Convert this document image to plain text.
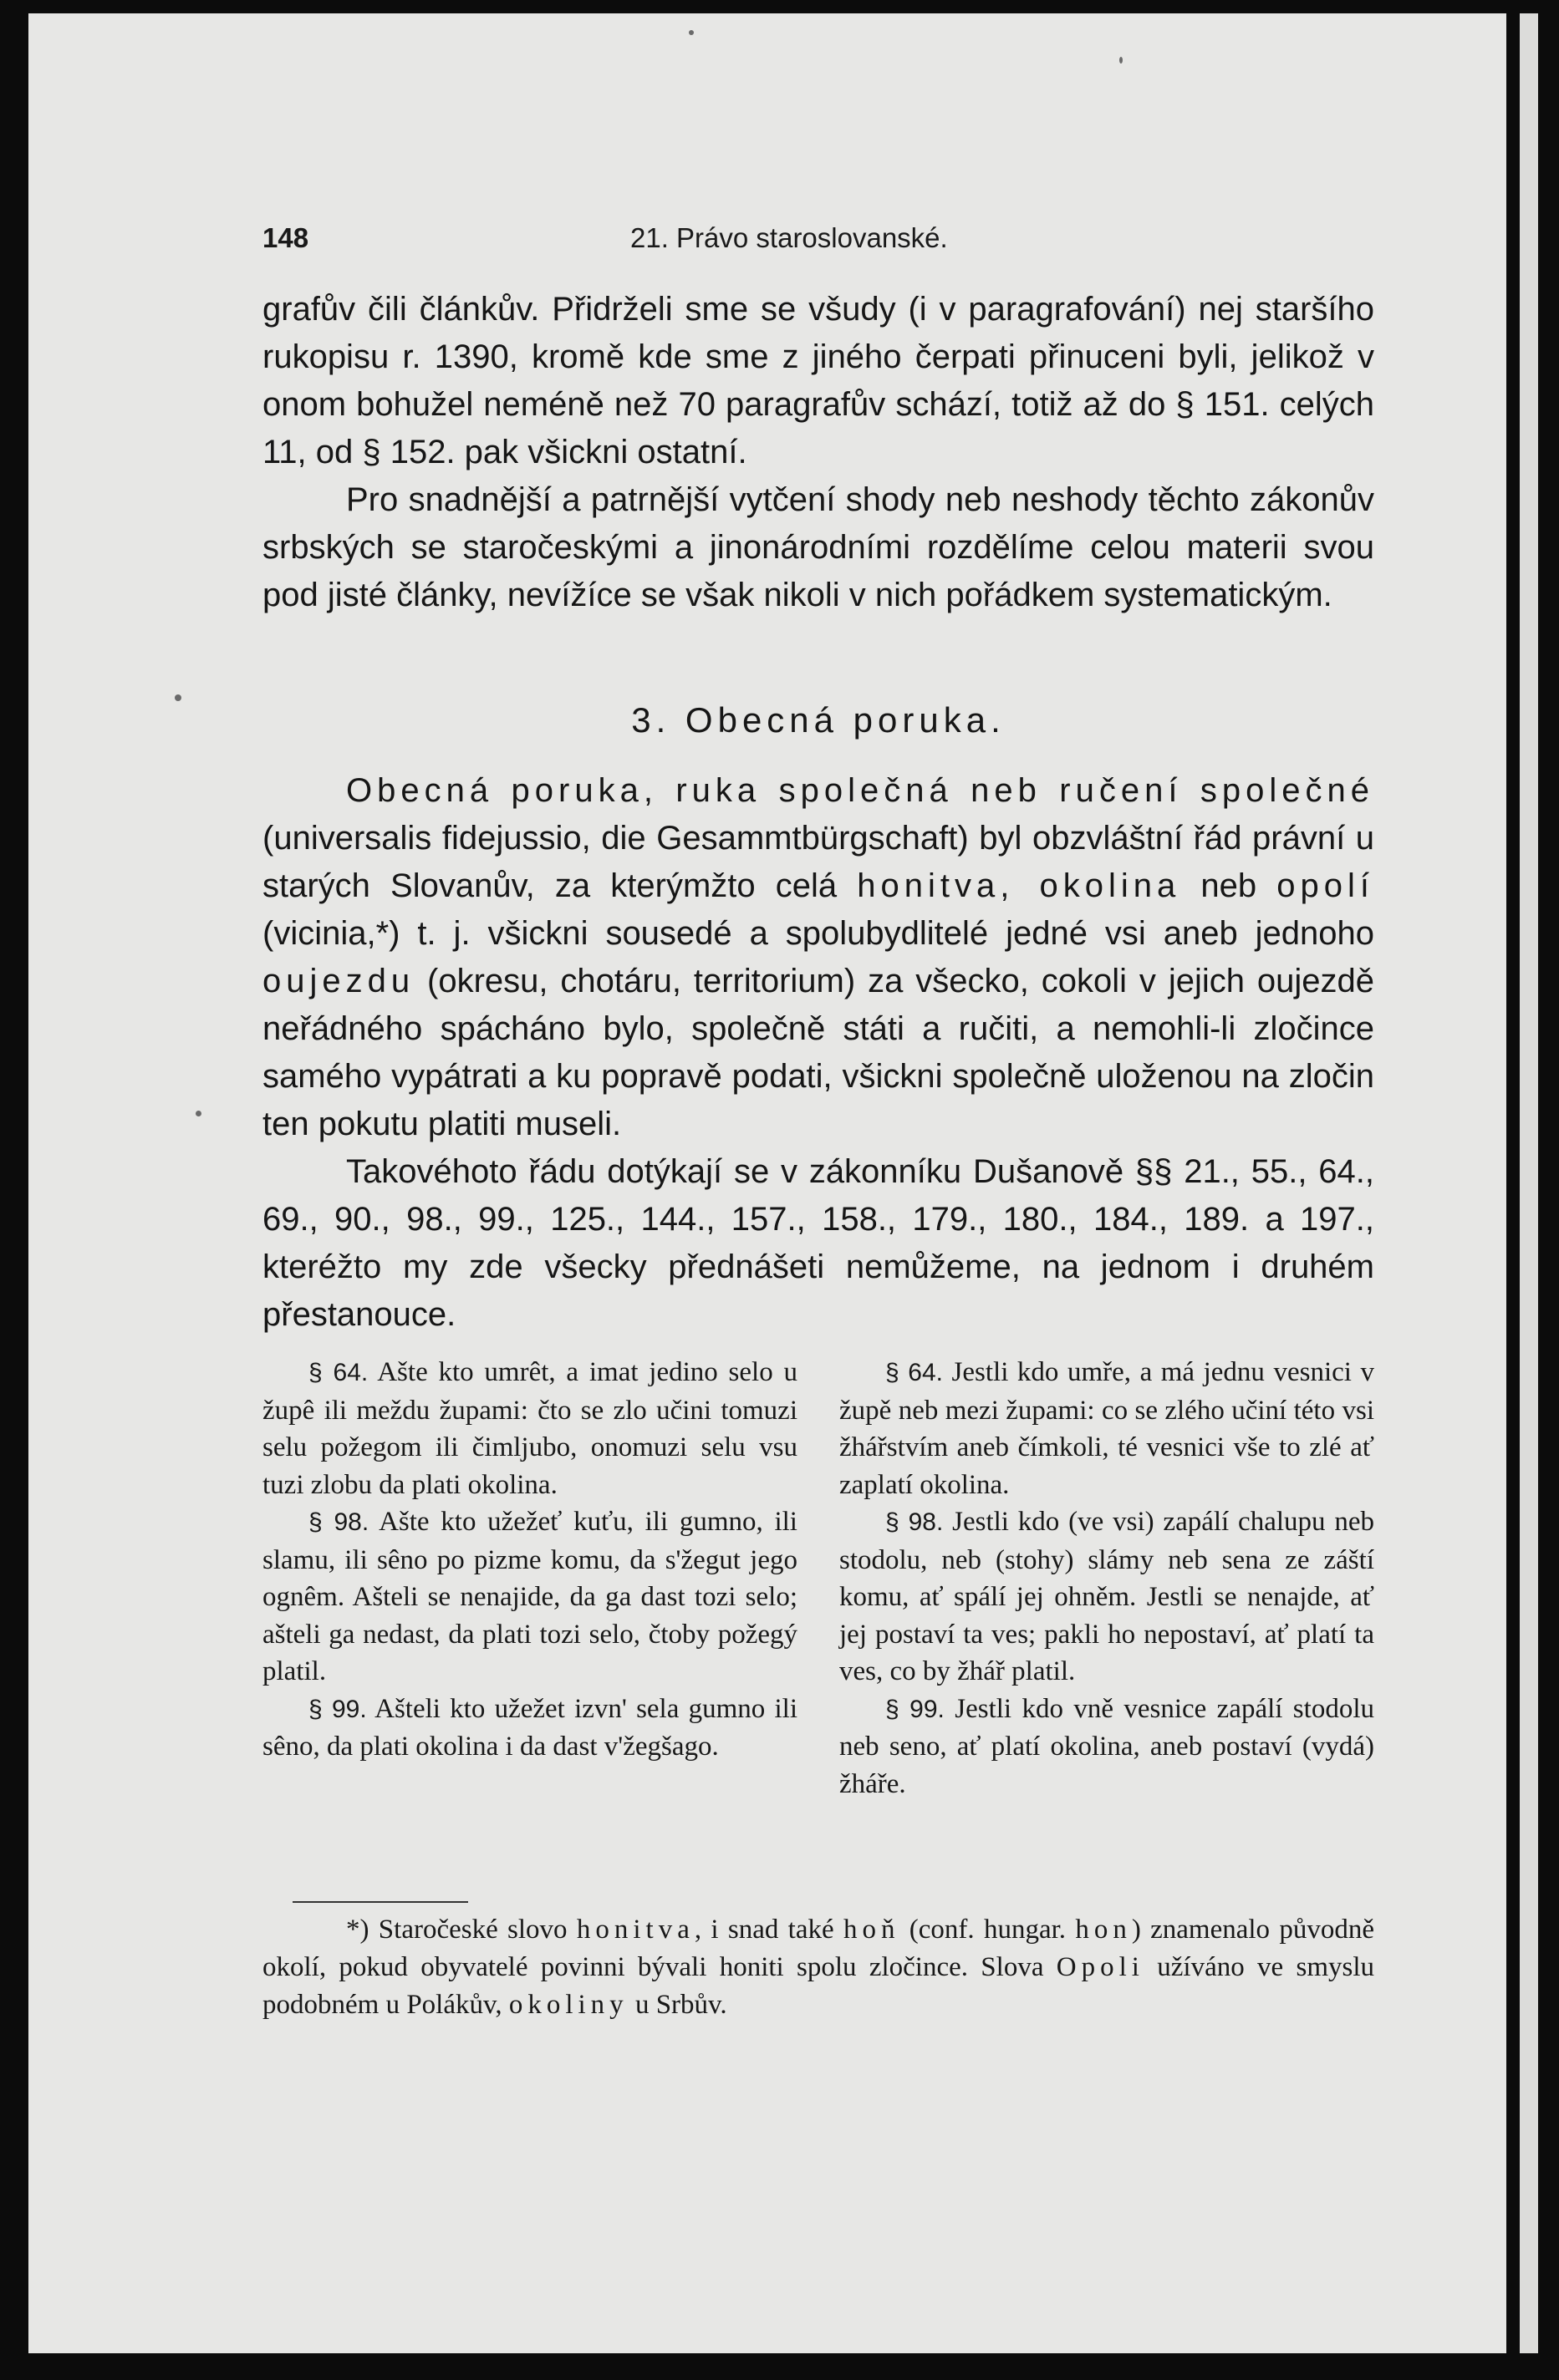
148	21. Právo staroslovanské.

grafův čili článkův. Přidrželi sme se všudy (i v paragrafování) nej staršího rukopisu r. 1390, kromě kde sme z jiného čerpati přinuceni byli, jelikož v onom bohužel neméně než 70 paragrafův schází, totiž až do § 151. celých 11, od § 152. pak všickni ostatní.

Pro snadnější a patrnější vytčení shody neb neshody těchto zákonův srbských se staročeskými a jinonárodními rozdělíme celou materii svou pod jisté články, nevížíce se však nikoli v nich pořádkem systematickým.

3. Obecná poruka.

Obecná poruka, ruka společná neb ručení společné (universalis fidejussio, die Gesammtbürgschaft) byl obzvláštní řád právní u starých Slovanův, za kterýmžto celá honitva, okolina neb opolí (vicinia,*) t. j. všickni sousedé a spolubydlitelé jedné vsi aneb jednoho oujezdu (okresu, chotáru, territorium) za všecko, cokoli v jejich oujezdě neřádného spácháno bylo, společně státi a ručiti, a nemohli-li zločince samého vypátrati a ku popravě podati, všickni společně uloženou na zločin ten pokutu platiti museli.

Takovéhoto řádu dotýkají se v zákonníku Dušanově §§ 21., 55., 64., 69., 90., 98., 99., 125., 144., 157., 158., 179., 180., 184., 189. a 197., kteréžto my zde všecky přednášeti nemůžeme, na jednom i druhém přestanouce.

§ 64. Ašte kto umrêt, a imat jedino selo u župê ili meždu župami: čto se zlo učini tomuzi selu požegom ili čimljubo, onomuzi selu vsu tuzi zlobu da plati okolina.

§ 98. Ašte kto užežeť kuťu, ili gumno, ili slamu, ili sêno po pizme komu, da s'žegut jego ognêm. Ašteli se nenajide, da ga dast tozi selo; ašteli ga nedast, da plati tozi selo, čtoby požegý platil.

§ 99. Ašteli kto užežet izvn' sela gumno ili sêno, da plati okolina i da dast v'žegšago.

§ 64. Jestli kdo umře, a má jednu vesnici v župě neb mezi župami: co se zlého učiní této vsi žhářstvím aneb čímkoli, té vesnici vše to zlé ať zaplatí okolina.

§ 98. Jestli kdo (ve vsi) zapálí chalupu neb stodolu, neb (stohy) slámy neb sena ze záští komu, ať spálí jej ohněm. Jestli se nenajde, ať jej postaví ta ves; pakli ho nepostaví, ať platí ta ves, co by žhář platil.

§ 99. Jestli kdo vně vesnice zapálí stodolu neb seno, ať platí okolina, aneb postaví (vydá) žháře.

*) Staročeské slovo honitva, i snad také hoň (conf. hungar. hon) znamenalo původně okolí, pokud obyvatelé povinni bývali honiti spolu zločince. Slova Opoli užíváno ve smyslu podobném u Polákův, okoliny u Srbův.
